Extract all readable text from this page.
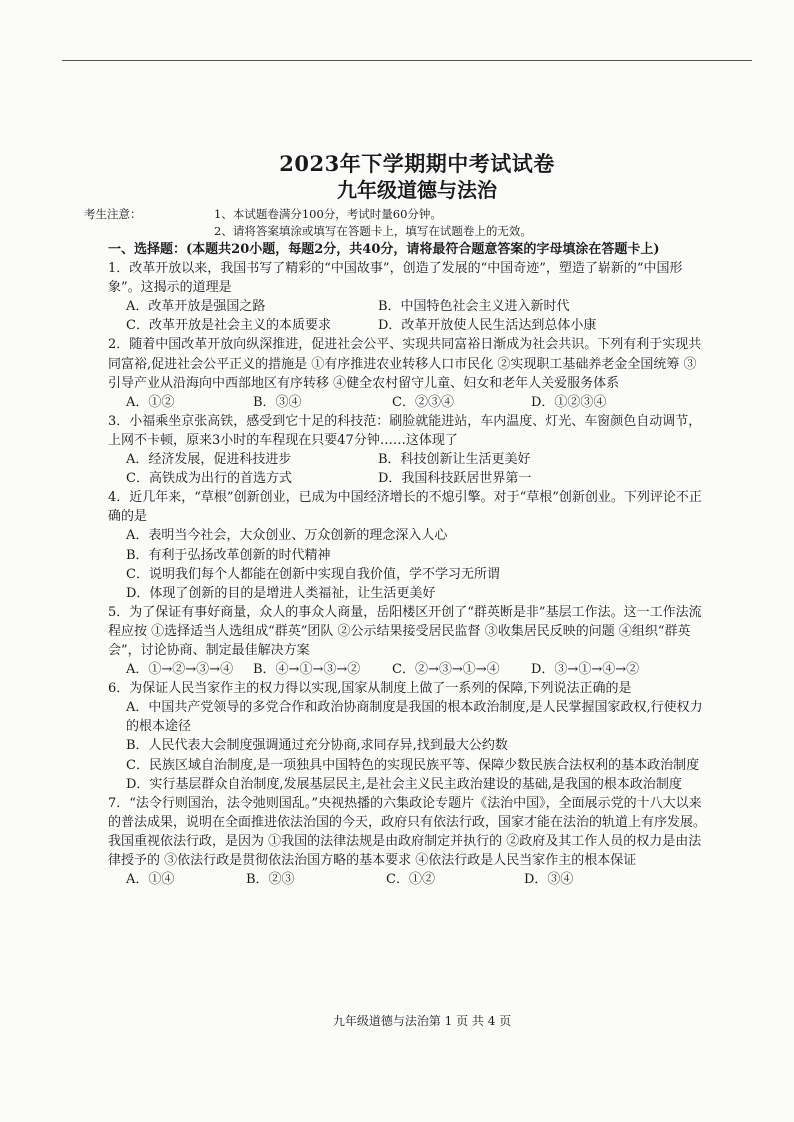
2023年下学期期中考试试卷
九年级道德与法治
考生注意：	1、本试题卷满分100分，考试时量60分钟。
2、请将答案填涂或填写在答题卡上，填写在试题卷上的无效。
一、选择题：(本题共20小题，每题2分，共40分，请将最符合题意答案的字母填涂在答题卡上)
1．改革开放以来，我国书写了精彩的“中国故事”，创造了发展的“中国奇迹”，塑造了崭新的“中国形象”。这揭示的道理是
A．改革开放是强国之路	B．中国特色社会主义进入新时代
C．改革开放是社会主义的本质要求	D．改革开放使人民生活达到总体小康
2．随着中国改革开放向纵深推进，促进社会公平、实现共同富裕日渐成为社会共识。下列有利于实现共同富裕,促进社会公平正义的措施是 ①有序推进农业转移人口市民化 ②实现职工基础养老金全国统筹 ③引导产业从沿海向中西部地区有序转移 ④健全农村留守儿童、妇女和老年人关爱服务体系
A．①②	B．③④	C．②③④	D．①②③④
3．小福乘坐京张高铁，感受到它十足的科技范：刷脸就能进站，车内温度、灯光、车窗颜色自动调节，上网不卡顿，原来3小时的车程现在只要47分钟……这体现了
A．经济发展，促进科技进步	B．科技创新让生活更美好
C．高铁成为出行的首选方式	D．我国科技跃居世界第一
4．近几年来，“草根”创新创业，已成为中国经济增长的不熄引擎。对于“草根”创新创业。下列评论不正确的是
A．表明当今社会，大众创业、万众创新的理念深入人心
B．有利于弘扬改革创新的时代精神
C．说明我们每个人都能在创新中实现自我价值，学不学习无所谓
D．体现了创新的目的是增进人类福祉，让生活更美好
5．为了保证有事好商量，众人的事众人商量，岳阳楼区开创了“群英断是非”基层工作法。这一工作法流程应按 ①选择适当人选组成“群英”团队 ②公示结果接受居民监督 ③收集居民反映的问题 ④组织“群英会”，讨论协商、制定最佳解决方案
A．①→②→③→④	B．④→①→③→②	C．②→③→①→④	D．③→①→④→②
6．为保证人民当家作主的权力得以实现,国家从制度上做了一系列的保障,下列说法正确的是
A．中国共产党领导的多党合作和政治协商制度是我国的根本政治制度,是人民掌握国家政权,行使权力的根本途径
B．人民代表大会制度强调通过充分协商,求同存异,找到最大公约数
C．民族区域自治制度,是一项独具中国特色的实现民族平等、保障少数民族合法权利的基本政治制度
D．实行基层群众自治制度,发展基层民主,是社会主义民主政治建设的基础,是我国的根本政治制度
7．“法令行则国治，法令弛则国乱。”央视热播的六集政论专题片《法治中国》，全面展示党的十八大以来的普法成果，说明在全面推进依法治国的今天，政府只有依法行政，国家才能在法治的轨道上有序发展。我国重视依法行政，是因为 ①我国的法律法规是由政府制定并执行的 ②政府及其工作人员的权力是由法律授予的 ③依法行政是贯彻依法治国方略的基本要求 ④依法行政是人民当家作主的根本保证
A．①④	B．②③	C．①②	D．③④
九年级道德与法治第 1 页 共 4 页
